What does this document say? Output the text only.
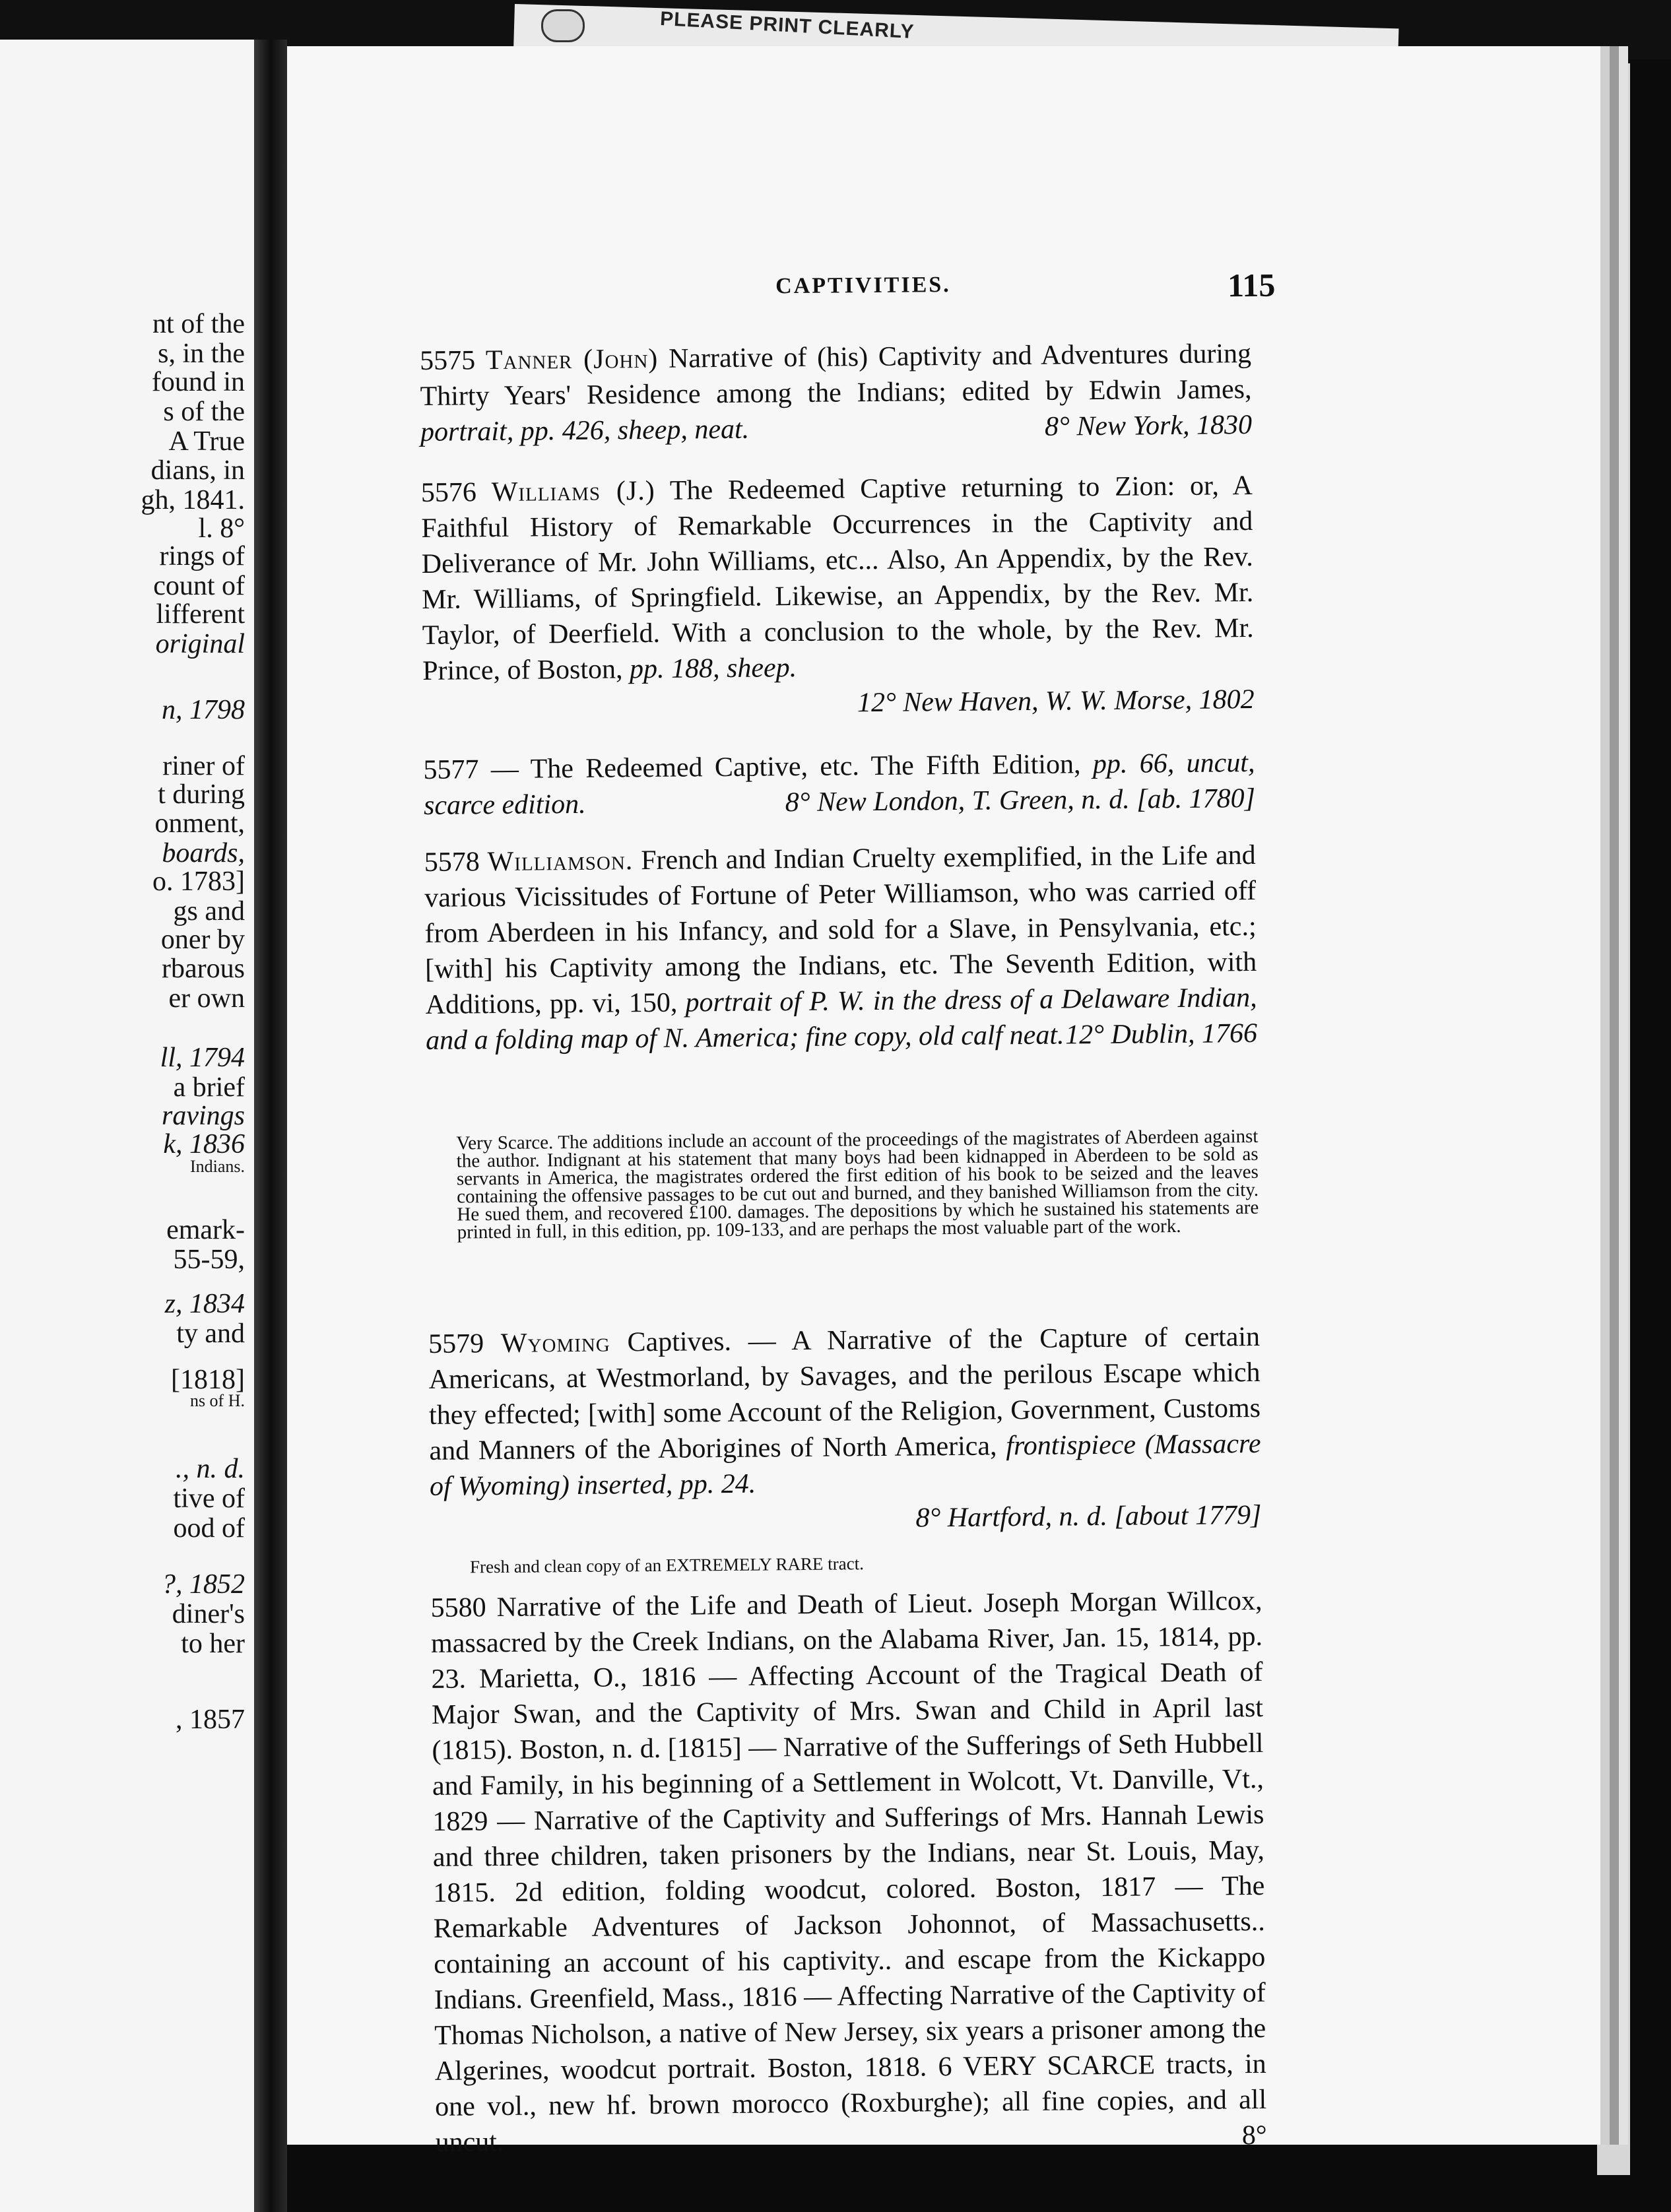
PLEASE PRINT CLEARLY
nt of the
s, in the
found in
s of the
A True
dians, in
gh, 1841.
l. 8°
rings of
count of
lifferent
original
n, 1798
riner of
t during
onment,
boards,
o. 1783]
gs and
oner by
rbarous
er own
ll, 1794
a brief
ravings
k, 1836
Indians.
emark-
55-59,
z, 1834
ty and
[1818]
ns of H.
., n. d.
tive of
ood of
?, 1852
diner's
to her
, 1857
CAPTIVITIES.	115
5575 Tanner (John) Narrative of (his) Captivity and Adventures during Thirty Years' Residence among the Indians; edited by Edwin James, portrait, pp. 426, sheep, neat.	8° New York, 1830
5576 Williams (J.) The Redeemed Captive returning to Zion: or, A Faithful History of Remarkable Occurrences in the Captivity and Deliverance of Mr. John Williams, etc... Also, An Appendix, by the Rev. Mr. Williams, of Springfield. Likewise, an Appendix, by the Rev. Mr. Taylor, of Deerfield. With a conclusion to the whole, by the Rev. Mr. Prince, of Boston, pp. 188, sheep.
12° New Haven, W. W. Morse, 1802
5577 — The Redeemed Captive, etc. The Fifth Edition, pp. 66, uncut, scarce edition.	8° New London, T. Green, n. d. [ab. 1780]
5578 Williamson. French and Indian Cruelty exemplified, in the Life and various Vicissitudes of Fortune of Peter Williamson, who was carried off from Aberdeen in his Infancy, and sold for a Slave, in Pensylvania, etc.; [with] his Captivity among the Indians, etc. The Seventh Edition, with Additions, pp. vi, 150, portrait of P. W. in the dress of a Delaware Indian, and a folding map of N. America; fine copy, old calf neat. 12° Dublin, 1766
Very Scarce. The additions include an account of the proceedings of the magistrates of Aberdeen against the author. Indignant at his statement that many boys had been kidnapped in Aberdeen to be sold as servants in America, the magistrates ordered the first edition of his book to be seized and the leaves containing the offensive passages to be cut out and burned, and they banished Williamson from the city. He sued them, and recovered £100. damages. The depositions by which he sustained his statements are printed in full, in this edition, pp. 109-133, and are perhaps the most valuable part of the work.
5579 Wyoming Captives. — A Narrative of the Capture of certain Americans, at Westmorland, by Savages, and the perilous Escape which they effected; [with] some Account of the Religion, Government, Customs and Manners of the Aborigines of North America, frontispiece (Massacre of Wyoming) inserted, pp. 24.
8° Hartford, n. d. [about 1779]
Fresh and clean copy of an EXTREMELY RARE tract.
5580 Narrative of the Life and Death of Lieut. Joseph Morgan Willcox, massacred by the Creek Indians, on the Alabama River, Jan. 15, 1814, pp. 23. Marietta, O., 1816 — Affecting Account of the Tragical Death of Major Swan, and the Captivity of Mrs. Swan and Child in April last (1815). Boston, n. d. [1815] — Narrative of the Sufferings of Seth Hubbell and Family, in his beginning of a Settlement in Wolcott, Vt. Danville, Vt., 1829 — Narrative of the Captivity and Sufferings of Mrs. Hannah Lewis and three children, taken prisoners by the Indians, near St. Louis, May, 1815. 2d edition, folding woodcut, colored. Boston, 1817 — The Remarkable Adventures of Jackson Johonnot, of Massachusetts.. containing an account of his captivity.. and escape from the Kickappo Indians. Greenfield, Mass., 1816 — Affecting Narrative of the Captivity of Thomas Nicholson, a native of New Jersey, six years a prisoner among the Algerines, woodcut portrait. Boston, 1818. 6 VERY SCARCE tracts, in one vol., new hf. brown morocco (Roxburghe); all fine copies, and all uncut.	8°
